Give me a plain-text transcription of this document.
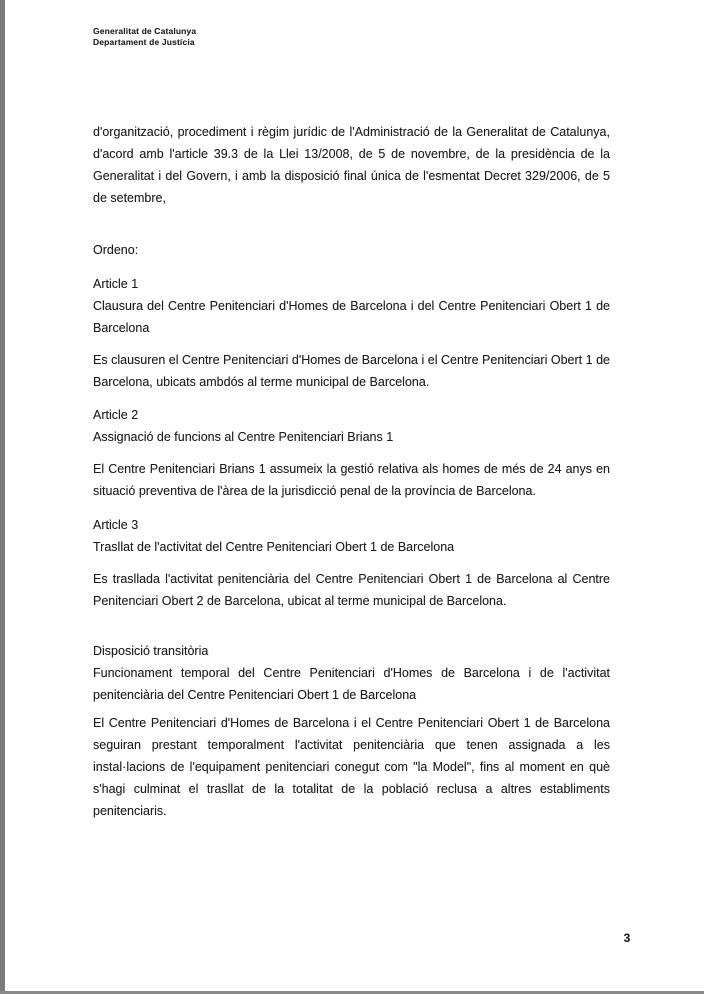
Generalitat de Catalunya
Departament de Justícia
d'organització, procediment i règim jurídic de l'Administració de la Generalitat de Catalunya, d'acord amb l'article 39.3 de la Llei 13/2008, de 5 de novembre, de la presidència de la Generalitat i del Govern, i amb la disposició final única de l'esmentat Decret 329/2006, de 5 de setembre,
Ordeno:
Article 1
Clausura del Centre Penitenciari d'Homes de Barcelona i del Centre Penitenciari Obert 1 de Barcelona
Es clausuren el Centre Penitenciari d'Homes de Barcelona i el Centre Penitenciari Obert 1 de Barcelona, ubicats ambdós al terme municipal de Barcelona.
Article 2
Assignació de funcions al Centre Penitenciari Brians 1
El Centre Penitenciari Brians 1 assumeix la gestió relativa als homes de més de 24 anys en situació preventiva de l'àrea de la jurisdicció penal de la província de Barcelona.
Article 3
Trasllat de l'activitat del Centre Penitenciari Obert 1 de Barcelona
Es trasllada l'activitat penitenciària del Centre Penitenciari Obert 1 de Barcelona al Centre Penitenciari Obert 2 de Barcelona, ubicat al terme municipal de Barcelona.
Disposició transitòria
Funcionament temporal del Centre Penitenciari d'Homes de Barcelona i de l'activitat penitenciària del Centre Penitenciari Obert 1 de Barcelona
El Centre Penitenciari d'Homes de Barcelona i el Centre Penitenciari Obert 1 de Barcelona seguiran prestant temporalment l'activitat penitenciària que tenen assignada a les instal·lacions de l'equipament penitenciari conegut com "la Model", fins al moment en què s'hagi culminat el trasllat de la totalitat de la població reclusa a altres establiments penitenciaris.
3
